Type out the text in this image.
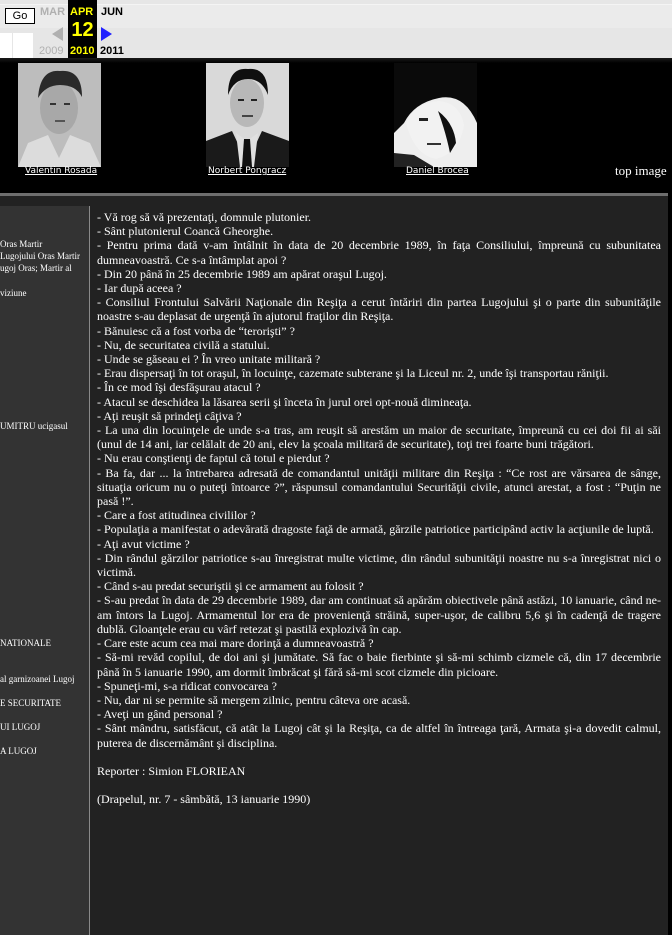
Go	MAR
2009
APR
12
2010
JUN
2011
Valentin Rosada	Norbert Pongracz	Daniel Brocea	top image
Oras Martir
Lugojului Oras Martir
ugoj Oras; Martir al
viziune
UMITRU ucigasul
NATIONALE
al garnizoanei Lugoj
E SECURITATE
UI LUGOJ
A LUGOJ

- Vă rog să vă prezentaţi, domnule plutonier.

- Sânt plutonierul Coancă Gheorghe.

- Pentru prima dată v-am întâlnit în data de 20 decembrie 1989, în faţa Consiliului, împreună cu subunitatea dumneavoastră. Ce s-a întâmplat apoi ?

- Din 20 până în 25 decembrie 1989 am apărat oraşul Lugoj.

- Iar după aceea ?

- Consiliul Frontului Salvării Naţionale din Reşiţa a cerut întăriri din partea Lugojului şi o parte din subunităţile noastre s-au deplasat de urgenţă în ajutorul fraţilor din Reşiţa.

- Bănuiesc că a fost vorba de “terorişti” ?

- Nu, de securitatea civilă a statului.

- Unde se găseau ei ? În vreo unitate militară ?

- Erau dispersaţi în tot oraşul, în locuinţe, cazemate subterane şi la Liceul nr. 2, unde îşi transportau răniţii.

- În ce mod îşi desfăşurau atacul ?

- Atacul se deschidea la lăsarea serii şi înceta în jurul orei opt-nouă dimineaţa.

- Aţi reuşit să prindeţi câţiva ?

- La una din locuinţele de unde s-a tras, am reuşit să arestăm un maior de securitate, împreună cu cei doi fii ai săi (unul de 14 ani, iar celălalt de 20 ani, elev la şcoala militară de securitate), toţi trei foarte buni trăgători.

- Nu erau conştienţi de faptul că totul e pierdut ?

- Ba fa, dar ... la întrebarea adresată de comandantul unităţii militare din Reşiţa : “Ce rost are vărsarea de sânge, situaţia oricum nu o puteţi întoarce ?”, răspunsul comandantului Securităţii civile, atunci arestat, a fost : “Puţin ne pasă !”.

- Care a fost atitudinea civililor ?

- Populaţia a manifestat o adevărată dragoste faţă de armată, gărzile patriotice participând activ la acţiunile de luptă.

- Aţi avut victime ?

- Din rândul gărzilor patriotice s-au înregistrat multe victime, din rândul subunităţii noastre nu s-a înregistrat nici o victimă.

- Când s-au predat securiştii şi ce armament au folosit ?

- S-au predat în data de 29 decembrie 1989, dar am continuat să apărăm obiectivele până astăzi, 10 ianuarie, când ne-am întors la Lugoj. Armamentul lor era de provenienţă străină, super-uşor, de calibru 5,6 şi în cadenţă de tragere dublă. Gloanţele erau cu vârf retezat şi pastilă explozivă în cap.

- Care este acum cea mai mare dorinţă a dumneavoastră ?

- Să-mi revăd copilul, de doi ani şi jumătate. Să fac o baie fierbinte şi să-mi schimb cizmele că, din 17 decembrie până în 5 ianuarie 1990, am dormit îmbrăcat şi fără să-mi scot cizmele din picioare.

- Spuneţi-mi, s-a ridicat convocarea ?

- Nu, dar ni se permite să mergem zilnic, pentru câteva ore acasă.

- Aveţi un gând personal ?

- Sânt mândru, satisfăcut, că atât la Lugoj cât şi la Reşiţa, ca de altfel în întreaga ţară, Armata şi-a dovedit calmul, puterea de discernământ şi disciplina.

Reporter : Simion FLORIEAN

(Drapelul, nr. 7 - sâmbătă, 13 ianuarie 1990)
